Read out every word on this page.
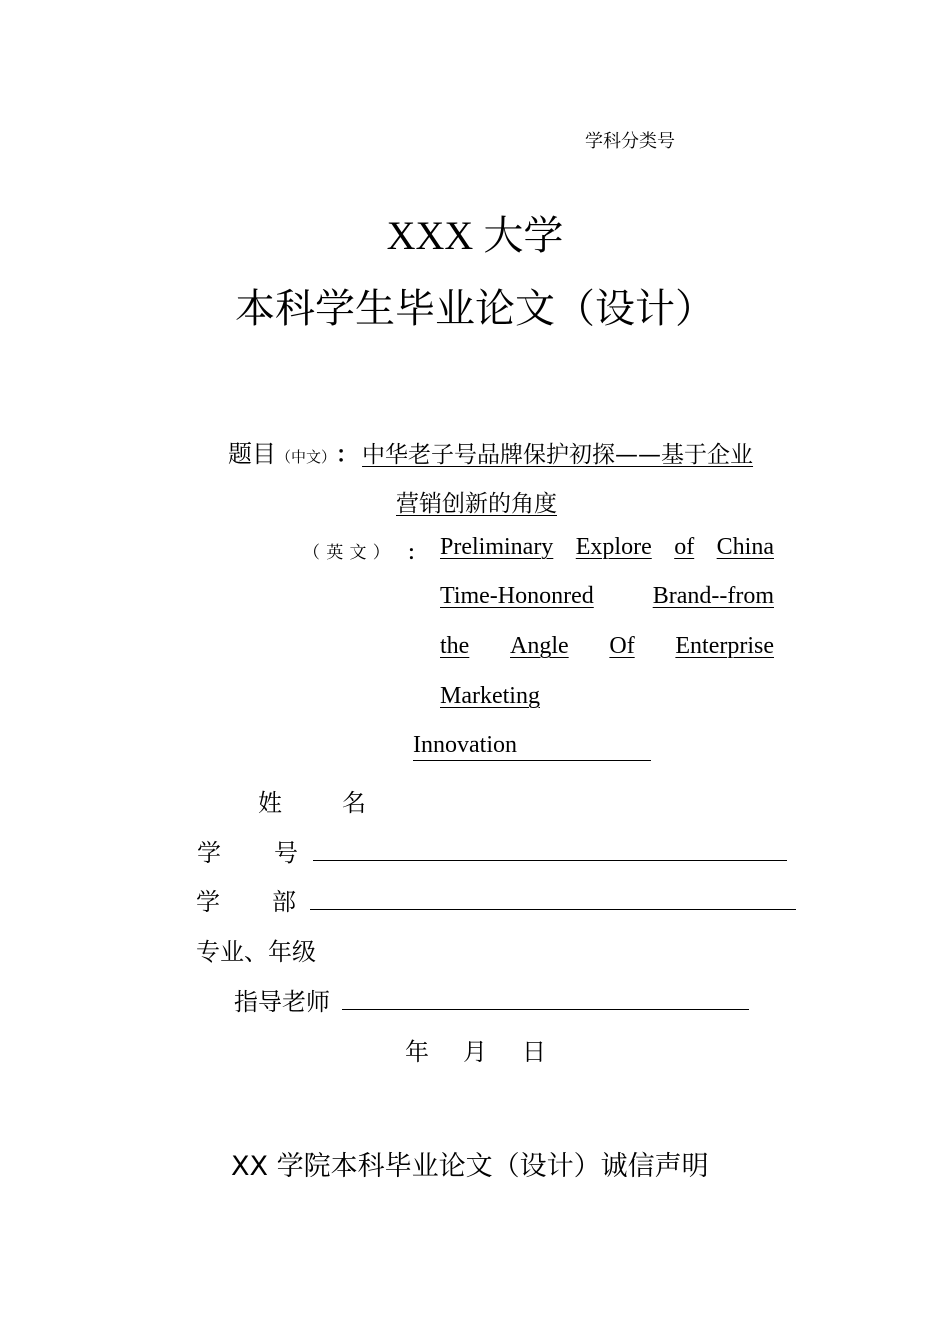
学科分类号
XXX 大学
本科学生毕业论文（设计）
题目 （中文） ： 中华老子号品牌保护初探——基于企业
营销创新的角度
（ 英 文 ） ： Preliminary Explore of China
Time-Hononred Brand--from
the Angle Of Enterprise
Marketing
Innovation
姓	名
学 号
学 部
专业、年级
指导老师
年 月 日
XX 学院本科毕业论文（设计）诚信声明
